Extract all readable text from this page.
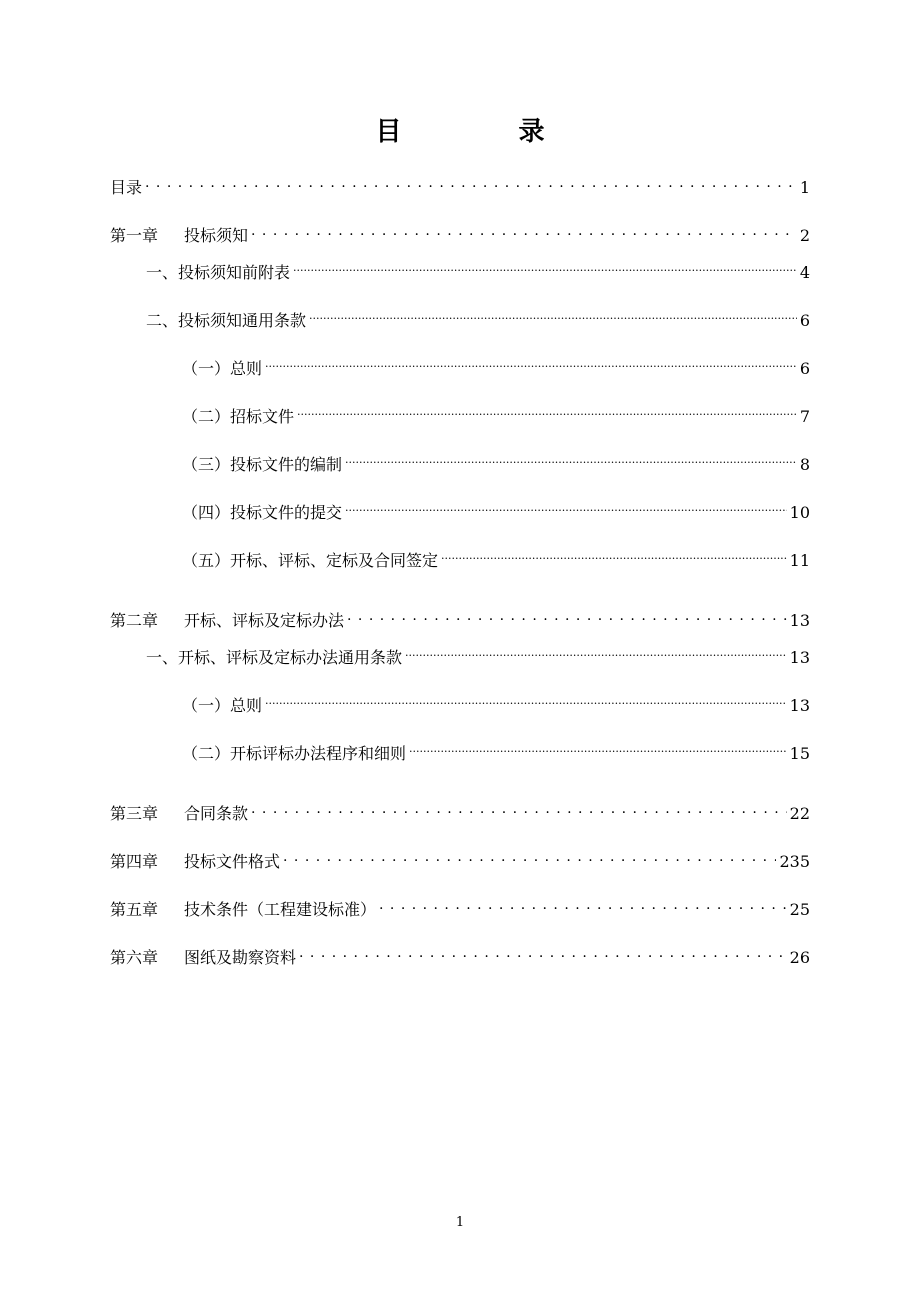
目 录
目录 . . .	1
第一章 投标须知 . . .	2
一、投标须知前附表 .....	4
二、投标须知通用条款 .....	6
（一）总则 .....	6
（二）招标文件 .....	7
（三）投标文件的编制 .....	8
（四）投标文件的提交 .....	10
（五）开标、评标、定标及合同签定 .....	11
第二章 开标、评标及定标办法 . . .	13
一、开标、评标及定标办法通用条款 .....	13
（一）总则 .....	13
（二）开标评标办法程序和细则 .....	15
第三章 合同条款 . . .	22
第四章 投标文件格式 . . .	235
第五章 技术条件（工程建设标准） . . .	25
第六章 图纸及勘察资料 . . .	26
1
